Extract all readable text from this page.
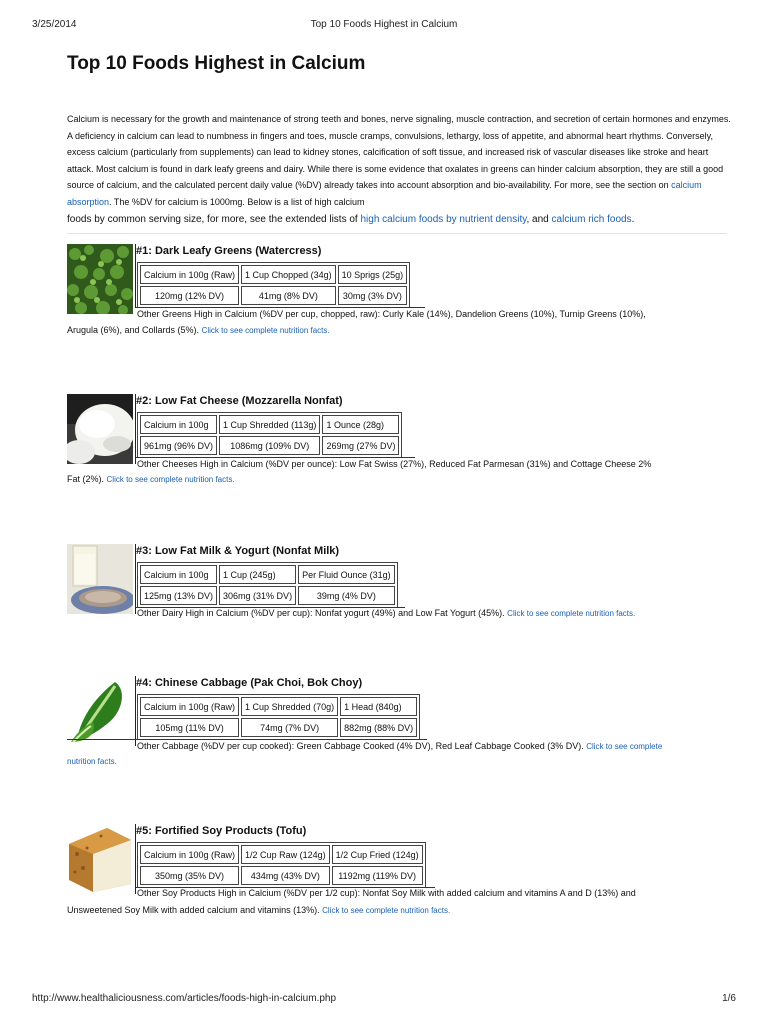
3/25/2014	Top 10 Foods Highest in Calcium
Top 10 Foods Highest in Calcium
Calcium is necessary for the growth and maintenance of strong teeth and bones, nerve signaling, muscle contraction, and secretion of certain hormones and enzymes. A deficiency in calcium can lead to numbness in fingers and toes, muscle cramps, convulsions, lethargy, loss of appetite, and abnormal heart rhythms. Conversely, excess calcium (particularly from supplements) can lead to kidney stones, calcification of soft tissue, and increased risk of vascular diseases like stroke and heart attack. Most calcium is found in dark leafy greens and dairy. While there is some evidence that oxalates in greens can hinder calcium absorption, they are still a good source of calcium, and the calculated percent daily value (%DV) already takes into account absorption and bio-availability. For more, see the section on calcium absorption. The %DV for calcium is 1000mg. Below is a list of high calcium
foods by common serving size, for more, see the extended lists of high calcium foods by nutrient density, and calcium rich foods.
#1: Dark Leafy Greens (Watercress)
Calcium in 100g (Raw)	1 Cup Chopped (34g)	10 Sprigs (25g)
120mg (12% DV)	41mg (8% DV)	30mg (3% DV)
Other Greens High in Calcium (%DV per cup, chopped, raw): Curly Kale (14%), Dandelion Greens (10%), Turnip Greens (10%),
Arugula (6%), and Collards (5%). Click to see complete nutrition facts.
#2: Low Fat Cheese (Mozzarella Nonfat)
Calcium in 100g	1 Cup Shredded (113g)	1 Ounce (28g)
961mg (96% DV)	1086mg (109% DV)	269mg (27% DV)
Other Cheeses High in Calcium (%DV per ounce): Low Fat Swiss (27%), Reduced Fat Parmesan (31%) and Cottage Cheese 2%
Fat (2%). Click to see complete nutrition facts.
#3: Low Fat Milk & Yogurt (Nonfat Milk)
Calcium in 100g	1 Cup (245g)	Per Fluid Ounce (31g)
125mg (13% DV)	306mg (31% DV)	39mg (4% DV)
Other Dairy High in Calcium (%DV per cup): Nonfat yogurt (49%) and Low Fat Yogurt (45%). Click to see complete nutrition facts.
#4: Chinese Cabbage (Pak Choi, Bok Choy)
Calcium in 100g (Raw)	1 Cup Shredded (70g)	1 Head (840g)
105mg (11% DV)	74mg (7% DV)	882mg (88% DV)
Other Cabbage (%DV per cup cooked): Green Cabbage Cooked (4% DV), Red Leaf Cabbage Cooked (3% DV). Click to see complete
nutrition facts.
#5: Fortified Soy Products (Tofu)
Calcium in 100g (Raw)	1/2 Cup Raw (124g)	1/2 Cup Fried (124g)
350mg (35% DV)	434mg (43% DV)	1192mg (119% DV)
Other Soy Products High in Calcium (%DV per 1/2 cup): Nonfat Soy Milk with added calcium and vitamins A and D (13%) and
Unsweetened Soy Milk with added calcium and vitamins (13%). Click to see complete nutrition facts.
http://www.healthaliciousness.com/articles/foods-high-in-calcium.php	1/6
